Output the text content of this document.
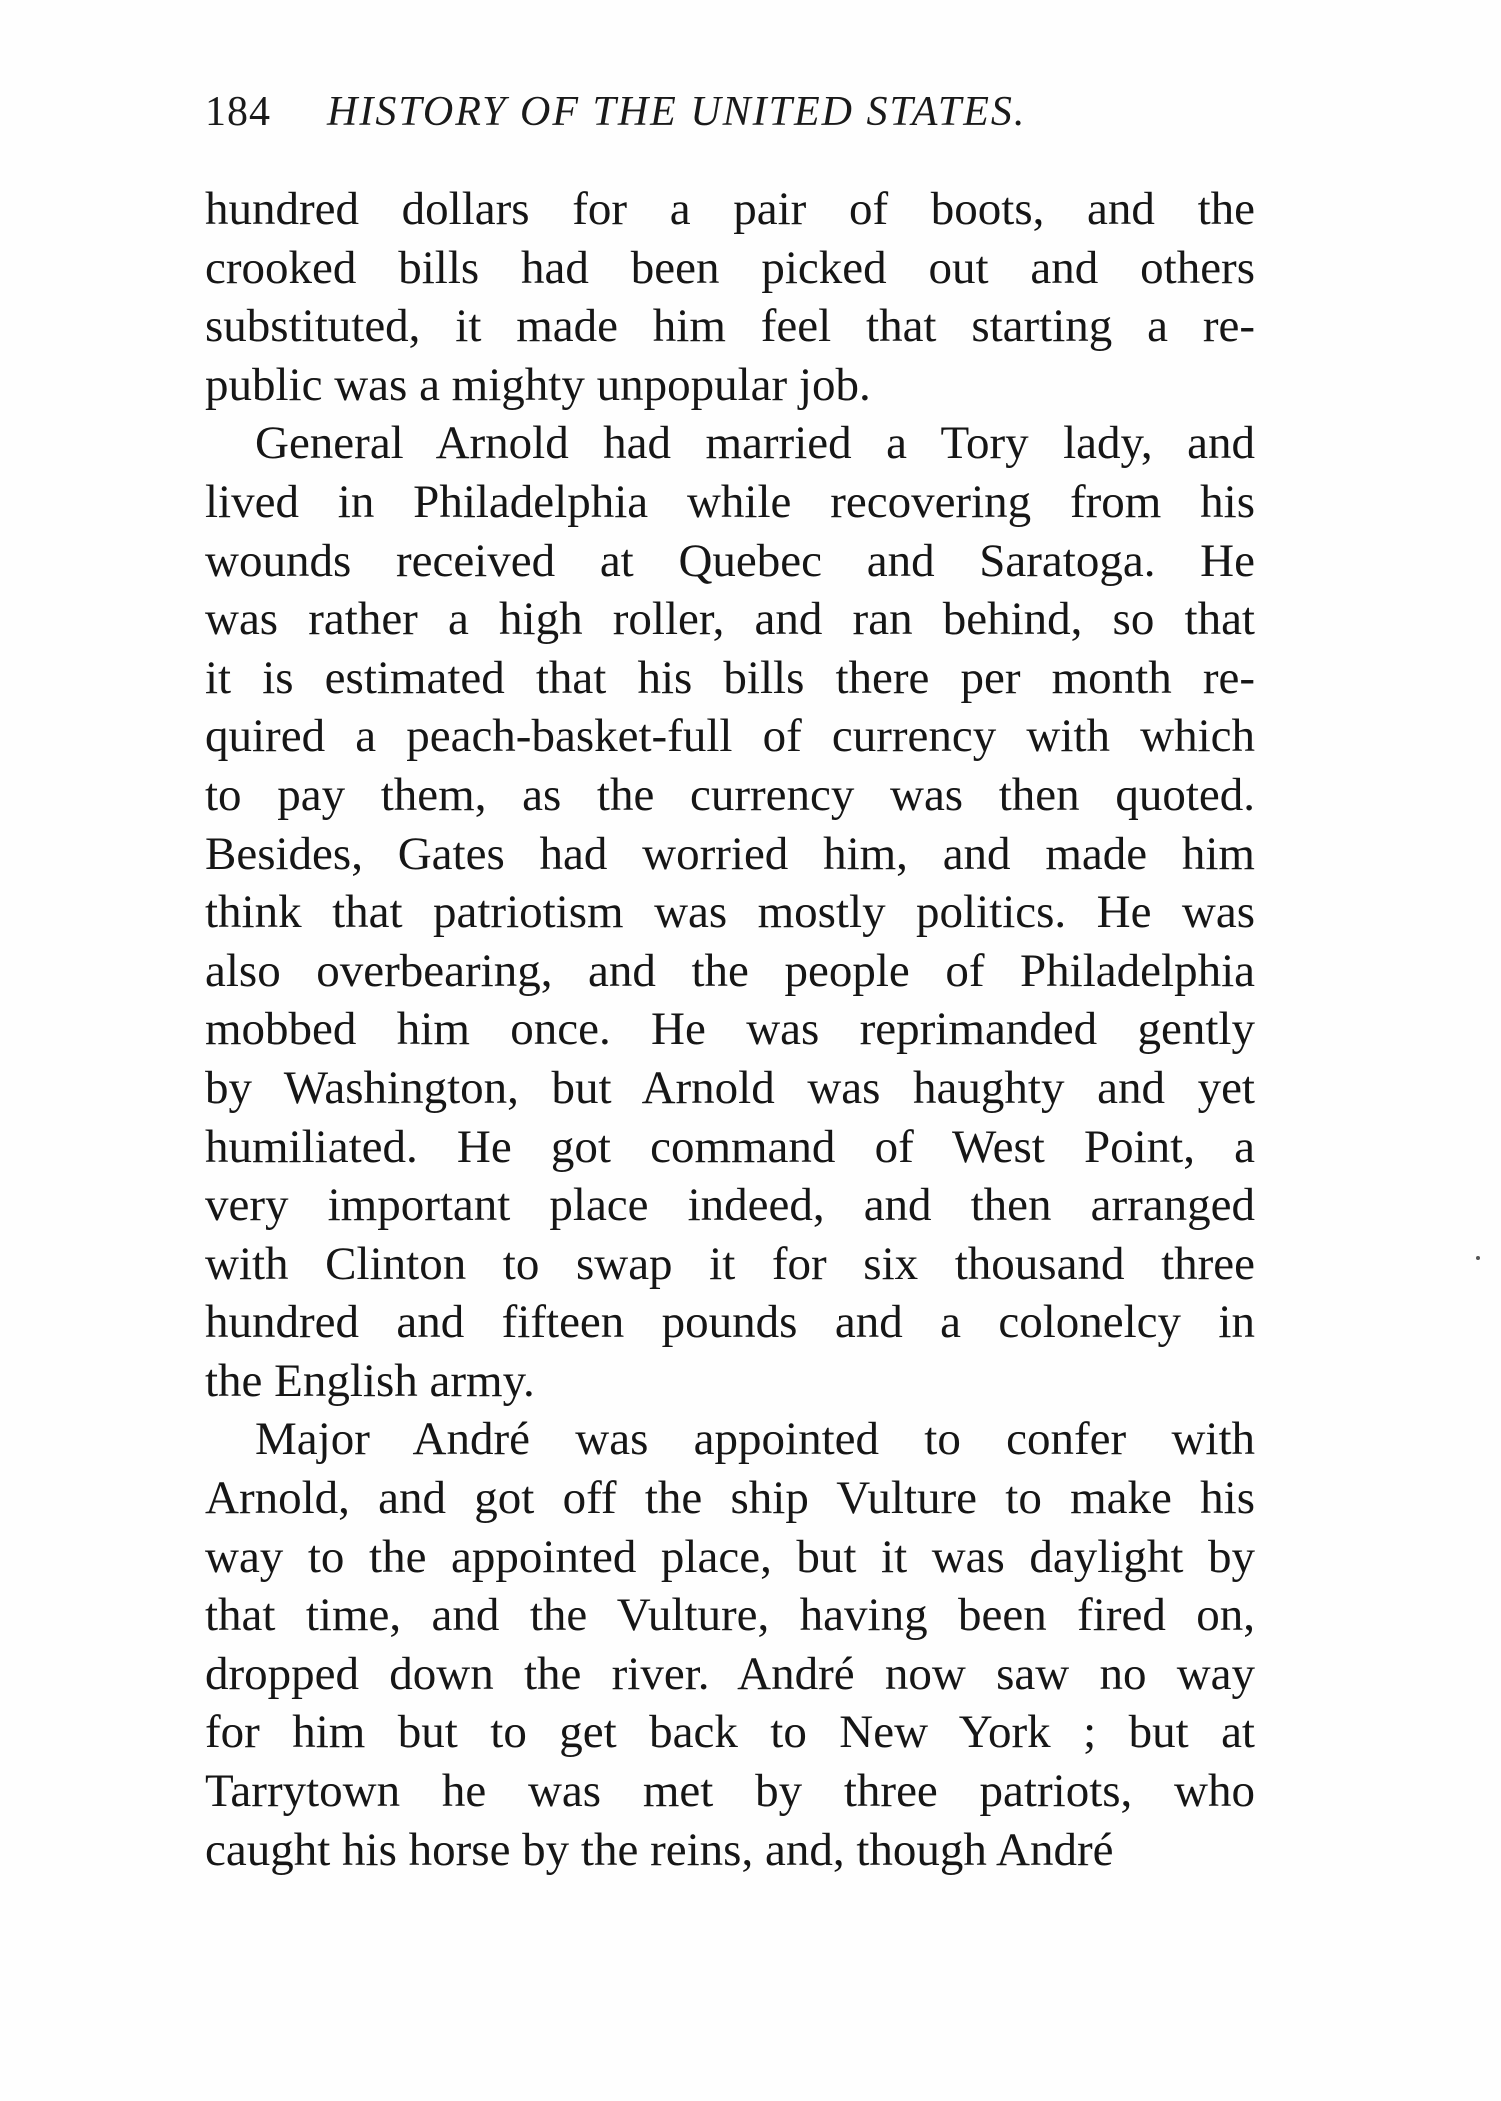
184 HISTORY OF THE UNITED STATES.
hundred dollars for a pair of boots, and the
crooked bills had been picked out and others
substituted, it made him feel that starting a re-
public was a mighty unpopular job.
General Arnold had married a Tory lady, and
lived in Philadelphia while recovering from his
wounds received at Quebec and Saratoga. He
was rather a high roller, and ran behind, so that
it is estimated that his bills there per month re-
quired a peach-basket-full of currency with which
to pay them, as the currency was then quoted.
Besides, Gates had worried him, and made him
think that patriotism was mostly politics. He was
also overbearing, and the people of Philadelphia
mobbed him once. He was reprimanded gently
by Washington, but Arnold was haughty and yet
humiliated. He got command of West Point, a
very important place indeed, and then arranged
with Clinton to swap it for six thousand three
hundred and fifteen pounds and a colonelcy in
the English army.
Major André was appointed to confer with
Arnold, and got off the ship Vulture to make his
way to the appointed place, but it was daylight by
that time, and the Vulture, having been fired on,
dropped down the river. André now saw no way
for him but to get back to New York ; but at
Tarrytown he was met by three patriots, who
caught his horse by the reins, and, though André
